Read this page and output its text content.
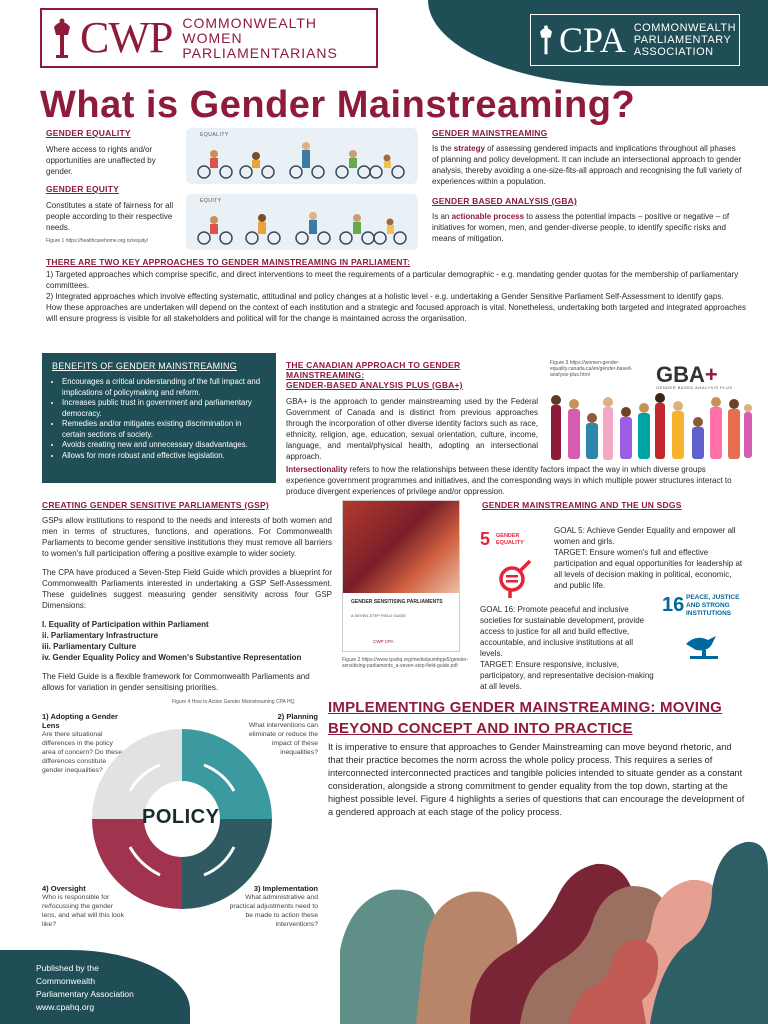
CWP COMMONWEALTH
WOMEN
PARLIAMENTARIANS	CPA COMMONWEALTH
PARLIAMENTARY
ASSOCIATION
What is Gender Mainstreaming?
GENDER EQUALITY

Where access to rights and/or opportunities are unaffected by gender.

GENDER EQUITY

Constitutes a state of fairness for all people according to their respective needs.

EQUALITY
EQUITY
Figure 1 https://healthcarehome.org.nz/equity/
GENDER MAINSTREAMING

Is the strategy of assessing gendered impacts and implications throughout all phases of planning and policy development. It can include an intersectional approach to gender analysis, thereby avoiding a one-size-fits-all approach and recognising the full variety of experiences within a population.

GENDER BASED ANALYSIS (GBA)

Is an actionable process to assess the potential impacts – positive or negative – of initiatives for women, men, and gender-diverse people, to identify specific risks and means of mitigation.

THERE ARE TWO KEY APPROACHES TO GENDER MAINSTREAMING IN PARLIAMENT:

1) Targeted approaches which comprise specific, and direct interventions to meet the requirements of a particular demographic - e.g. mandating gender quotas for the membership of parliamentary committees.

2) Integrated approaches which involve effecting systematic, attitudinal and policy changes at a holistic level - e.g. undertaking a Gender Sensitive Parliament Self-Assessment to identify gaps.

How these approaches are undertaken will depend on the context of each institution and a strategic and focused approach is vital. Nonetheless, undertaking both targeted and integrated approaches will ensure progress is visible for all stakeholders and political will for the change is maintained across the organisation.

BENEFITS OF GENDER MAINSTREAMING
• Encourages a critical understanding of the full impact and implications of policymaking and reform.
• Increases public trust in government and parliamentary democracy.
• Remedies and/or mitigates existing discrimination in certain sections of society.
• Avoids creating new and unnecessary disadvantages.
• Allows for more robust and effective legislation.
THE CANADIAN APPROACH TO GENDER MAINSTREAMING:
GENDER-BASED ANALYSIS PLUS (GBA+)

GBA+ is the approach to gender mainstreaming used by the Federal Government of Canada and is distinct from previous approaches through the incorporation of other diverse identity factors such as race, ethnicity, religion, age, education, sexual orientation, culture, income, language, and mental/physical health, adopting an intersectional approach.

Figure 3 https://women-gender-equality.canada.ca/en/gender-based-analysis-plus.html	GBA+
GENDER BASED ANALYSIS PLUS

Intersectionality refers to how the relationships between these identity factors impact the way in which diverse groups experience government programmes and initiatives, and the corresponding ways in which multiple power structures interact to produce divergent experiences of privilege and/or oppression.

CREATING GENDER SENSITIVE PARLIAMENTS (GSP)

GSPs allow institutions to respond to the needs and interests of both women and men in terms of structures, functions, and operations. For Commonwealth Parliaments to become gender sensitive institutions they must remove all barriers to women's full participation offering a positive example to wider society.

The CPA have produced a Seven-Step Field Guide which provides a blueprint for Commonwealth Parliaments interested in undertaking a GSP Self-Assessment. These guidelines suggest measuring gender sensitivity across four GSP Dimensions:

I. Equality of Participation within Parliament

ii. Parliamentary Infrastructure

iii. Parliamentary Culture

iv. Gender Equality Policy and Women's Substantive Representation

The Field Guide is a flexible framework for Commonwealth Parliaments and allows for variation in gender sensitising priorities.

GENDER SENSITISING PARLIAMENTS
A SEVEN-STEP FIELD GUIDE
CWP CPA
Figure 2 https://www.cpahq.org/media/pumfqqe5/gender-sensitising-parliaments_a-seven-step-field-guide.pdf
GENDER MAINSTREAMING AND THE UN SDGS
5 GENDER EQUALITY

GOAL 5: Achieve Gender Equality and empower all women and girls.

TARGET: Ensure women's full and effective participation and equal opportunities for leadership at all levels of decision making in political, economic, and public life.

GOAL 16: Promote peaceful and inclusive societies for sustainable development, provide access to justice for all and build effective, accountable, and inclusive institutions at all levels.

TARGET: Ensure responsive, inclusive, participatory, and representative decision-making at all levels.

16 PEACE, JUSTICE AND STRONG INSTITUTIONS
Figure 4 How to Action Gender Mainstreaming CPA HQ
1) Adopting a Gender Lens

Are there situational differences in the policy area of concern? Do these differences constitute gender inequalities?

2) Planning

What interventions can eliminate or reduce the impact of these inequalities?

3) Implementation

What administrative and practical adjustments need to be made to action these interventions?

4) Oversight

Who is responsible for re/focussing the gender lens, and what will this look like?

POLICY
IMPLEMENTING GENDER MAINSTREAMING: MOVING
BEYOND CONCEPT AND INTO PRACTICE

It is imperative to ensure that approaches to Gender Mainstreaming can move beyond rhetoric, and that their practice becomes the norm across the whole policy process. This requires a series of interconnected interconnected practices and tangible policies intended to situate gender as a constant consideration, alongside a strong commitment to gender equality from the top down, starting at the highest possible level. Figure 4 highlights a series of questions that can encourage the development of a gendered approach at each stage of the policy process.

Published by the
Commonwealth
Parliamentary Association
www.cpahq.org
